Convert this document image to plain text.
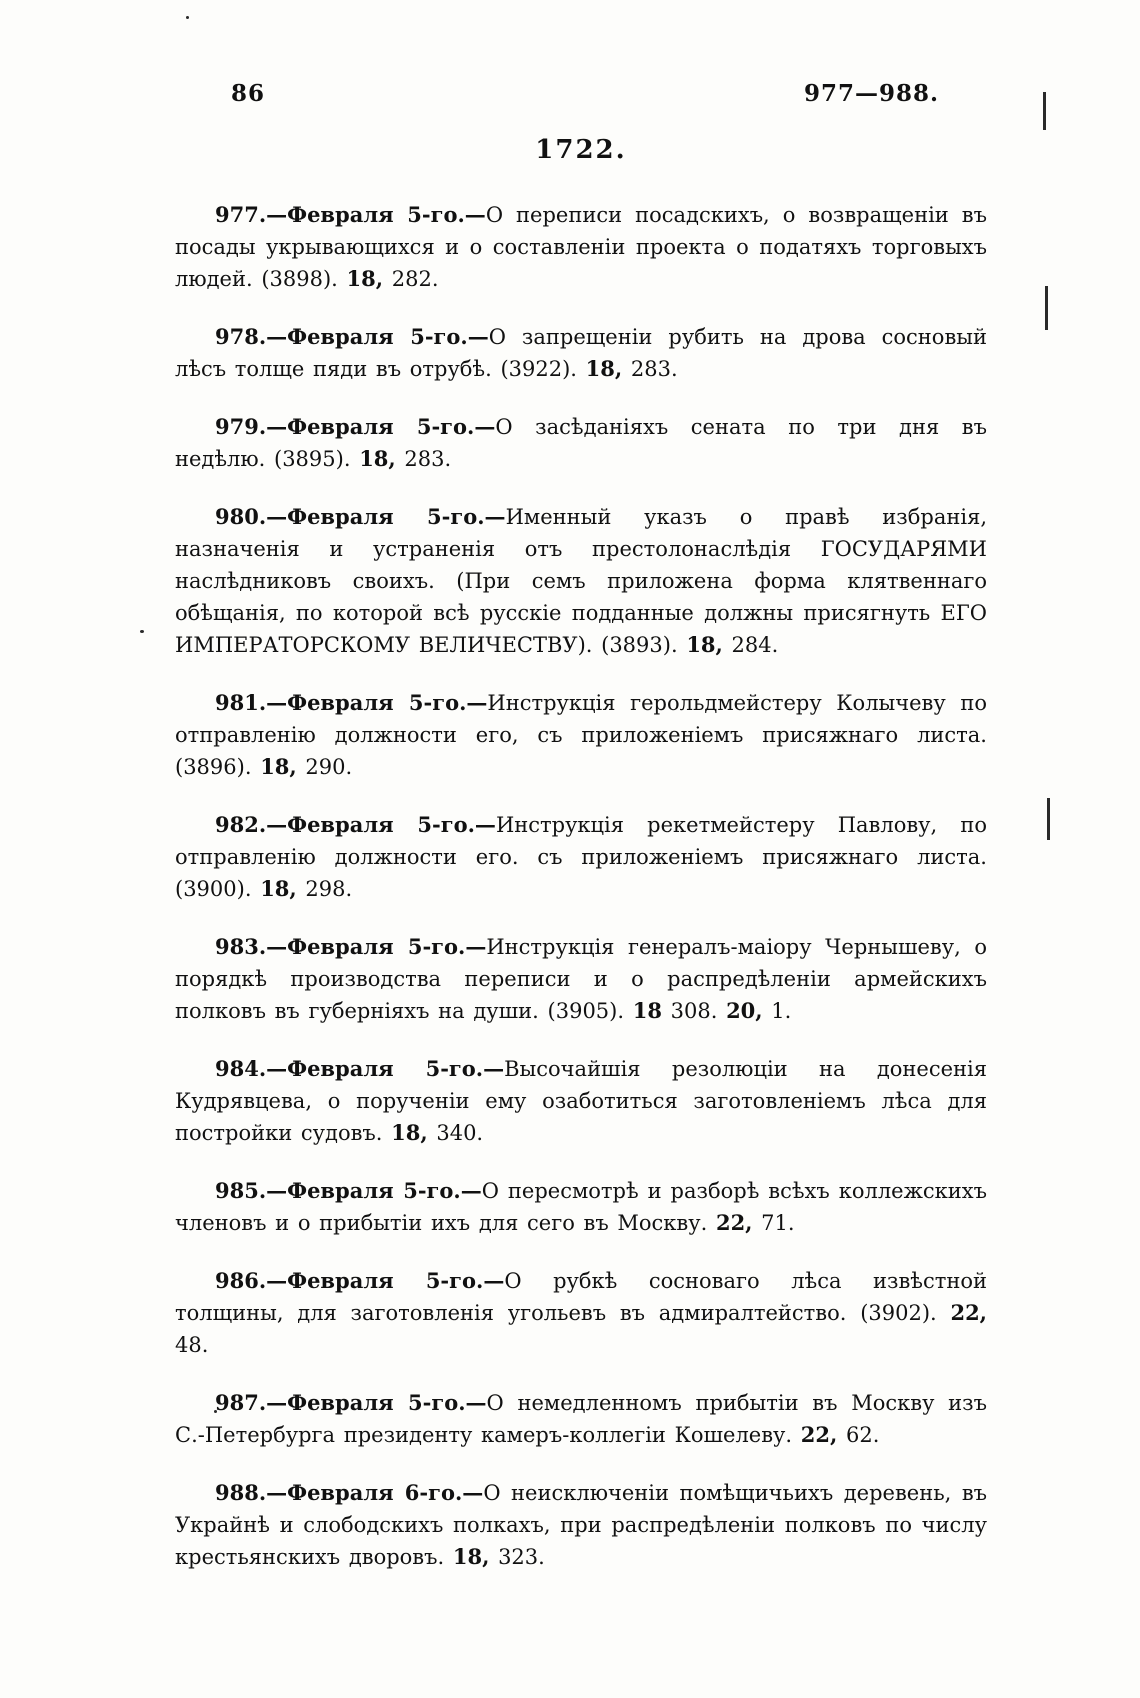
86	977—988.
1722.

977.—Февраля 5-го.—О переписи посадскихъ, о возвращеніи въ посады укрывающихся и о составленіи проекта о податяхъ торговыхъ людей. (3898). 18, 282.

978.—Февраля 5-го.—О запрещеніи рубить на дрова сосновый лѣсъ толще пяди въ отрубѣ. (3922). 18, 283.

979.—Февраля 5-го.—О засѣданіяхъ сената по три дня въ недѣлю. (3895). 18, 283.

980.—Февраля 5-го.—Именный указъ о правѣ избранія, назначенія и устраненія отъ престолонаслѣдія ГОСУДАРЯМИ наслѣдниковъ своихъ. (При семъ приложена форма клятвеннаго обѣщанія, по которой всѣ русскіе подданные должны присягнуть ЕГО ИМПЕРАТОРСКОМУ ВЕЛИЧЕСТВУ). (3893). 18, 284.

981.—Февраля 5-го.—Инструкція герольдмейстеру Колычеву по отправленію должности его, съ приложеніемъ присяжнаго листа. (3896). 18, 290.

982.—Февраля 5-го.—Инструкція рекетмейстеру Павлову, по отправленію должности его. съ приложеніемъ присяжнаго листа. (3900). 18, 298.

983.—Февраля 5-го.—Инструкція генералъ-маіору Чернышеву, о порядкѣ производства переписи и о распредѣленіи армейскихъ полковъ въ губерніяхъ на души. (3905). 18 308. 20, 1.

984.—Февраля 5-го.—Высочайшія резолюціи на донесенія Кудрявцева, о порученіи ему озаботиться заготовленіемъ лѣса для постройки судовъ. 18, 340.

985.—Февраля 5-го.—О пересмотрѣ и разборѣ всѣхъ коллежскихъ членовъ и о прибытіи ихъ для сего въ Москву. 22, 71.

986.—Февраля 5-го.—О рубкѣ сосноваго лѣса извѣстной толщины, для заготовленія угольевъ въ адмиралтейство. (3902). 22, 48.

987.—Февраля 5-го.—О немедленномъ прибытіи въ Москву изъ С.-Петербурга президенту камеръ-коллегіи Кошелеву. 22, 62.

988.—Февраля 6-го.—О неисключеніи помѣщичьихъ деревень, въ Украйнѣ и слободскихъ полкахъ, при распредѣленіи полковъ по числу крестьянскихъ дворовъ. 18, 323.
